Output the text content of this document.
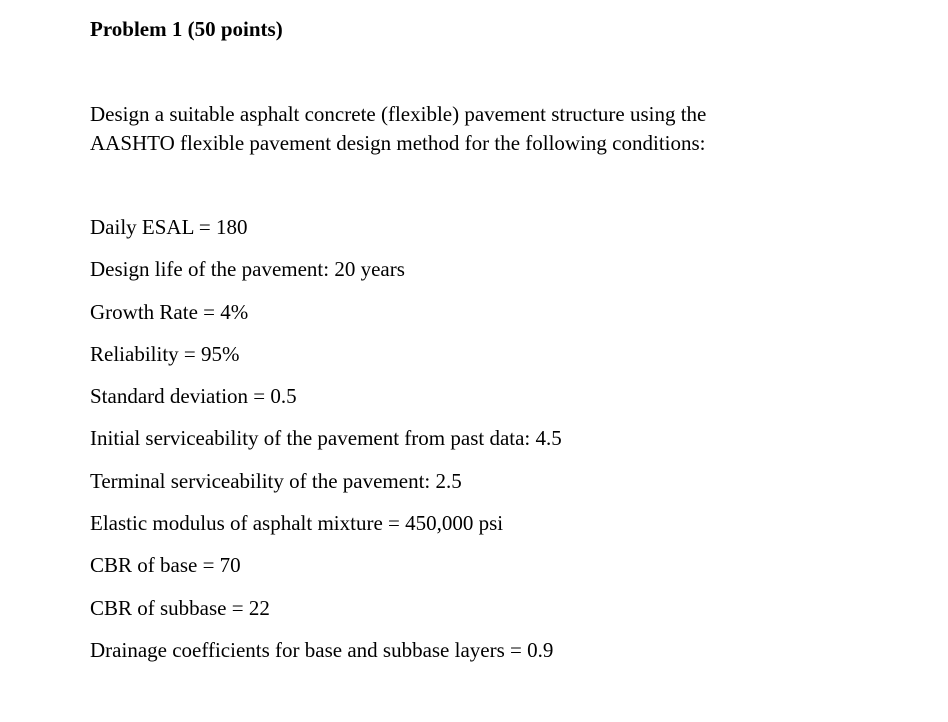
Problem 1 (50 points)
Design a suitable asphalt concrete (flexible) pavement structure using the
AASHTO flexible pavement design method for the following conditions:
Daily ESAL = 180
Design life of the pavement: 20 years
Growth Rate = 4%
Reliability = 95%
Standard deviation = 0.5
Initial serviceability of the pavement from past data: 4.5
Terminal serviceability of the pavement: 2.5
Elastic modulus of asphalt mixture = 450,000 psi
CBR of base = 70
CBR of subbase = 22
Drainage coefficients for base and subbase layers = 0.9
